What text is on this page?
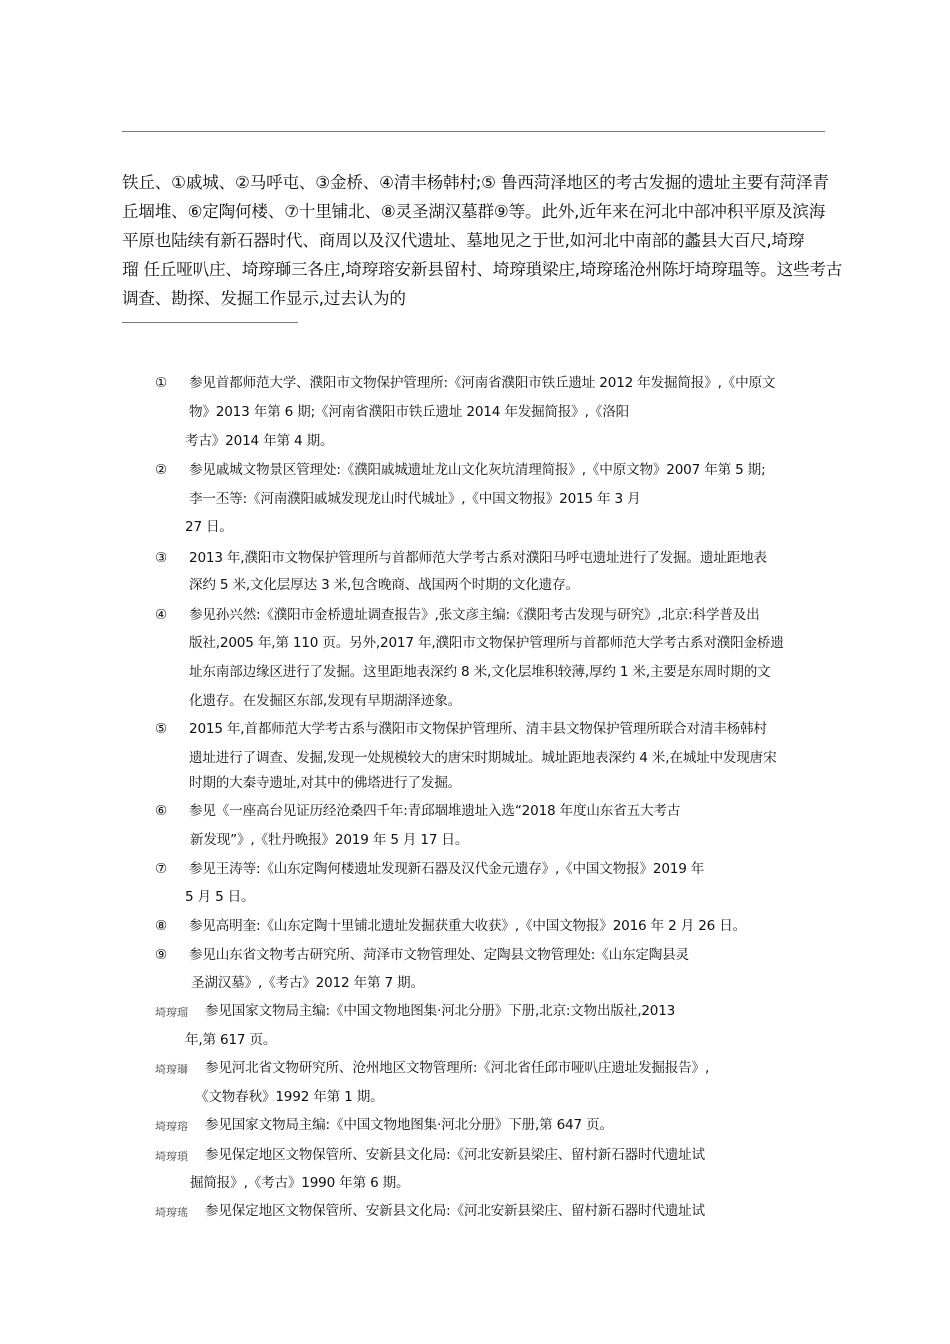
铁丘、①戚城、②马呼屯、③金桥、④清丰杨韩村;⑤ 鲁西菏泽地区的考古发掘的遗址主要有菏泽青
丘堌堆、⑥定陶何楼、⑦十里铺北、⑧灵圣湖汉墓群⑨等。此外,近年来在河北中部冲积平原及滨海
平原也陆续有新石器时代、商周以及汉代遗址、墓地见之于世,如河北中南部的蠡县大百尺,埼瑏
瑠 任丘哑叭庄、埼瑏瑡三各庄,埼瑏瑢安新县留村、埼瑏瑣梁庄,埼瑏瑤沧州陈圩埼瑏瑥等。这些考古
调查、勘探、发掘工作显示,过去认为的
① 参见首都师范大学、濮阳市文物保护管理所:《河南省濮阳市铁丘遗址 2012 年发掘简报》,《中原文
物》2013 年第 6 期;《河南省濮阳市铁丘遗址 2014 年发掘简报》,《洛阳
考古》2014 年第 4 期。
② 参见戚城文物景区管理处:《濮阳戚城遗址龙山文化灰坑清理简报》,《中原文物》2007 年第 5 期;
李一丕等:《河南濮阳戚城发现龙山时代城址》,《中国文物报》2015 年 3 月
27 日。
③ 2013 年,濮阳市文物保护管理所与首都师范大学考古系对濮阳马呼屯遗址进行了发掘。遗址距地表
深约 5 米,文化层厚达 3 米,包含晚商、战国两个时期的文化遗存。
④ 参见孙兴然:《濮阳市金桥遗址调查报告》,张文彦主编:《濮阳考古发现与研究》,北京:科学普及出
版社,2005 年,第 110 页。另外,2017 年,濮阳市文物保护管理所与首都师范大学考古系对濮阳金桥遗
址东南部边缘区进行了发掘。这里距地表深约 8 米,文化层堆积较薄,厚约 1 米,主要是东周时期的文
化遗存。在发掘区东部,发现有早期湖泽迹象。
⑤ 2015 年,首都师范大学考古系与濮阳市文物保护管理所、清丰县文物保护管理所联合对清丰杨韩村
遗址进行了调查、发掘,发现一处规模较大的唐宋时期城址。城址距地表深约 4 米,在城址中发现唐宋
时期的大秦寺遗址,对其中的佛塔进行了发掘。
⑥ 参见《一座高台见证历经沧桑四千年:青邱堌堆遗址入选“2018 年度山东省五大考古
新发现”》,《牡丹晚报》2019 年 5 月 17 日。
⑦ 参见王涛等:《山东定陶何楼遗址发现新石器及汉代金元遗存》,《中国文物报》2019 年
5 月 5 日。
⑧ 参见高明奎:《山东定陶十里铺北遗址发掘获重大收获》,《中国文物报》2016 年 2 月 26 日。
⑨ 参见山东省文物考古研究所、菏泽市文物管理处、定陶县文物管理处:《山东定陶县灵
圣湖汉墓》,《考古》2012 年第 7 期。
埼瑏瑠 参见国家文物局主编:《中国文物地图集·河北分册》下册,北京:文物出版社,2013
年,第 617 页。
埼瑏瑡 参见河北省文物研究所、沧州地区文物管理所:《河北省任邱市哑叭庄遗址发掘报告》,
《文物春秋》1992 年第 1 期。
埼瑏瑢 参见国家文物局主编:《中国文物地图集·河北分册》下册,第 647 页。
埼瑏瑣 参见保定地区文物保管所、安新县文化局:《河北安新县梁庄、留村新石器时代遗址试
掘简报》,《考古》1990 年第 6 期。
埼瑏瑤 参见保定地区文物保管所、安新县文化局:《河北安新县梁庄、留村新石器时代遗址试
